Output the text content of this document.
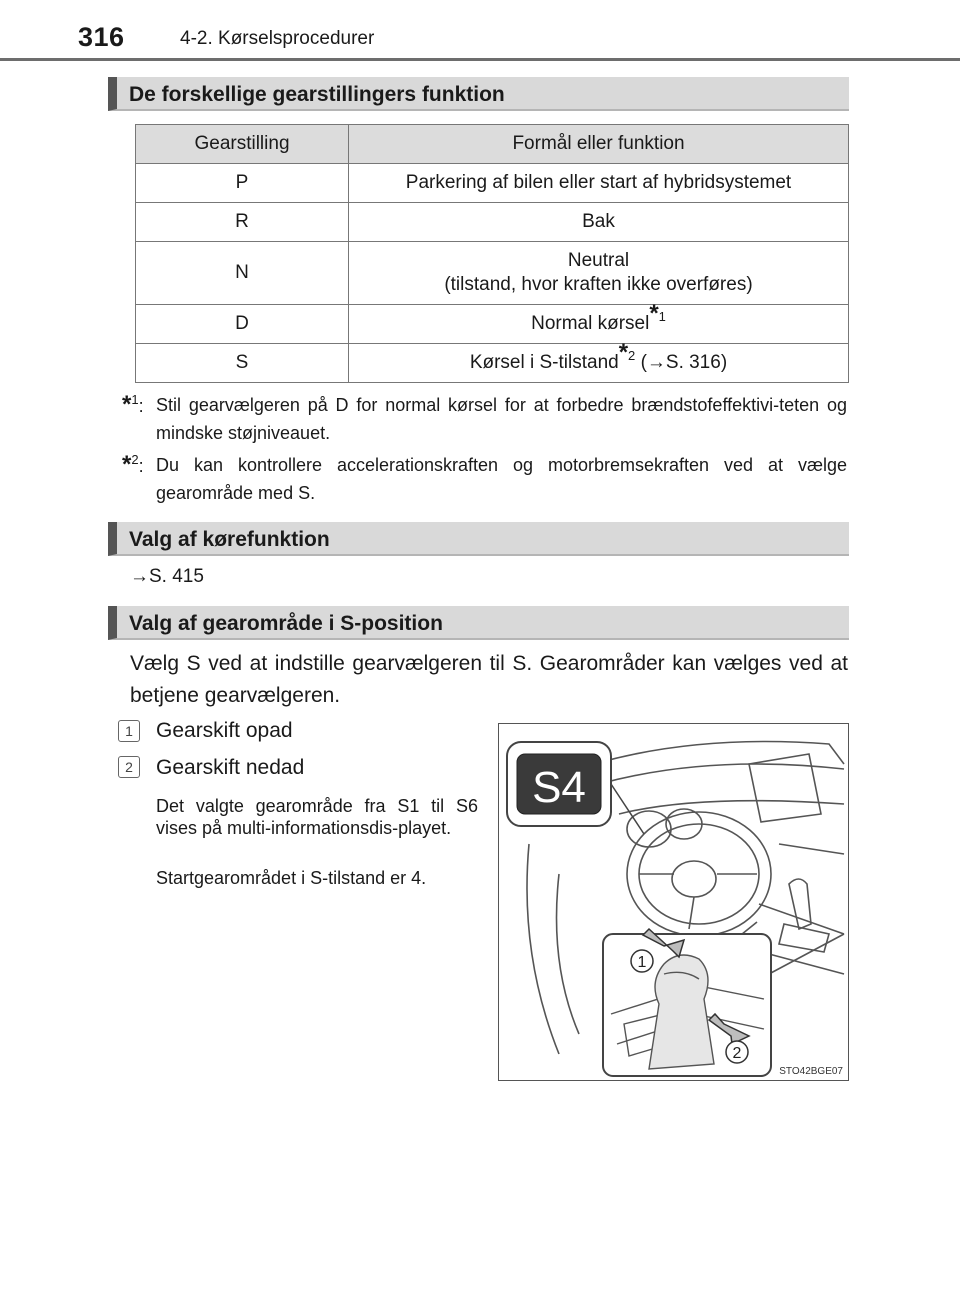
316	4-2. Kørselsprocedurer
De forskellige gearstillingers funktion
Gearstilling	Formål eller funktion
P	Parkering af bilen eller start af hybridsystemet
R	Bak
N	Neutral
(tilstand, hvor kraften ikke overføres)

D	Normal kørsel$^{*1}$
S	Kørsel i S-tilstand$^{*2}$ (→S. 316)
*$^1$: Stil gearvælgeren på D for normal kørsel for at forbedre brændstofeffektivi-teten og mindske støjniveauet.
*$^2$: Du kan kontrollere accelerationskraften og motorbremsekraften ved at vælge gearområde med S.
Valg af kørefunktion
→S. 415
Valg af gearområde i S-position
Vælg S ved at indstille gearvælgeren til S. Gearområder kan vælges ved at betjene gearvælgeren.
1	Gearskift opad
2	Gearskift nedad
Det valgte gearområde fra S1 til S6 vises på multi-informationsdis-playet.
Startgearområdet i S-tilstand er 4.
S4
1
2
STO42BGE07
